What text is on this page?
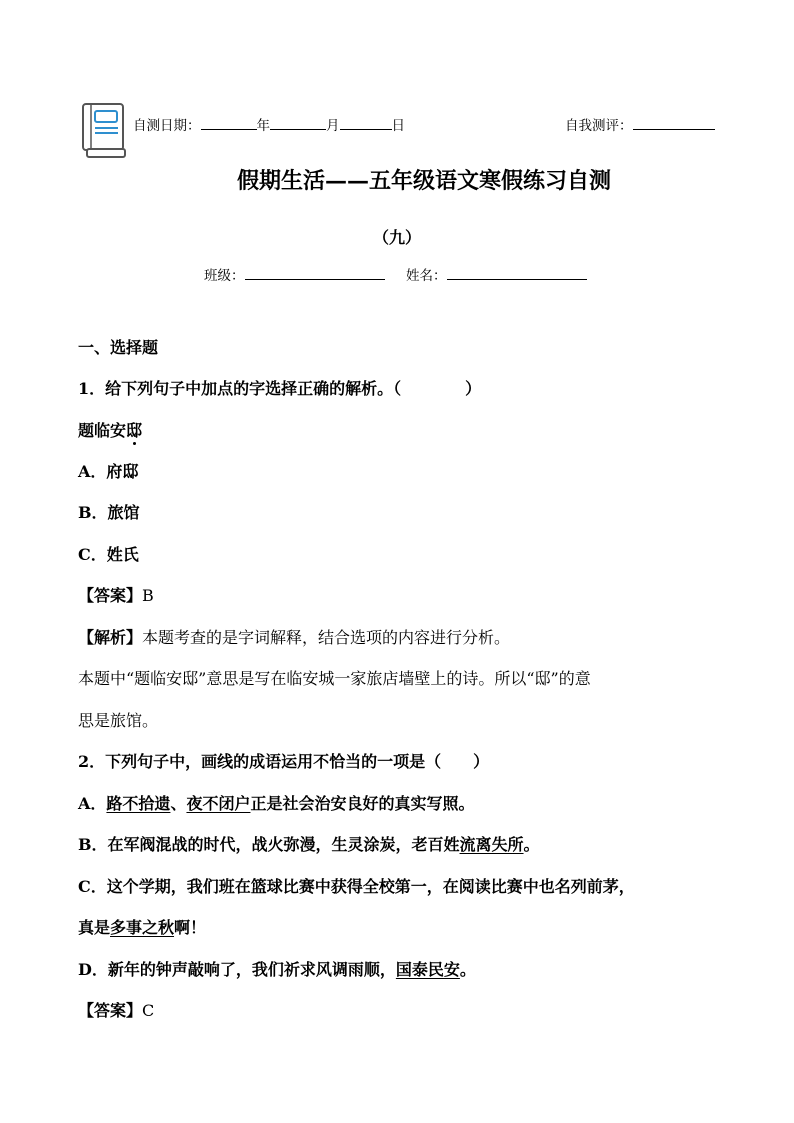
自测日期：	年	月	日	自我测评：
假期生活——五年级语文寒假练习自测
（九）
班级：	姓名：
一、选择题
1．给下列句子中加点的字选择正确的解析。（　　　　）
题临安邸
A．府邸
B．旅馆
C．姓氏
【答案】B
【解析】本题考查的是字词解释，结合选项的内容进行分析。
本题中“题临安邸”意思是写在临安城一家旅店墙壁上的诗。所以“邸”的意
思是旅馆。
2．下列句子中，画线的成语运用不恰当的一项是（　　）
A．路不拾遗、夜不闭户正是社会治安良好的真实写照。
B．在军阀混战的时代，战火弥漫，生灵涂炭，老百姓流离失所。
C．这个学期，我们班在篮球比赛中获得全校第一，在阅读比赛中也名列前茅，
真是多事之秋啊！
D．新年的钟声敲响了，我们祈求风调雨顺，国泰民安。
【答案】C
